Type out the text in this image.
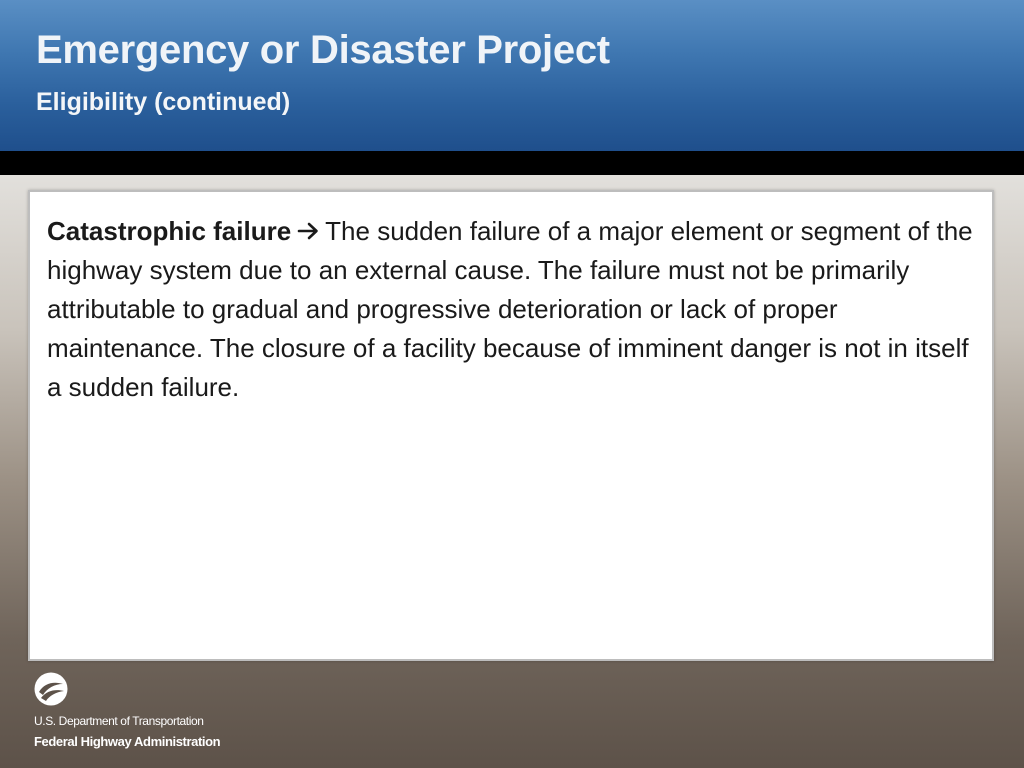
Emergency or Disaster Project
Eligibility (continued)

Catastrophic failure The sudden failure of a major element or segment of the highway system due to an external cause. The failure must not be primarily attributable to gradual and progressive deterioration or lack of proper maintenance. The closure of a facility because of imminent danger is not in itself a sudden failure.

U.S. Department of Transportation
Federal Highway Administration
